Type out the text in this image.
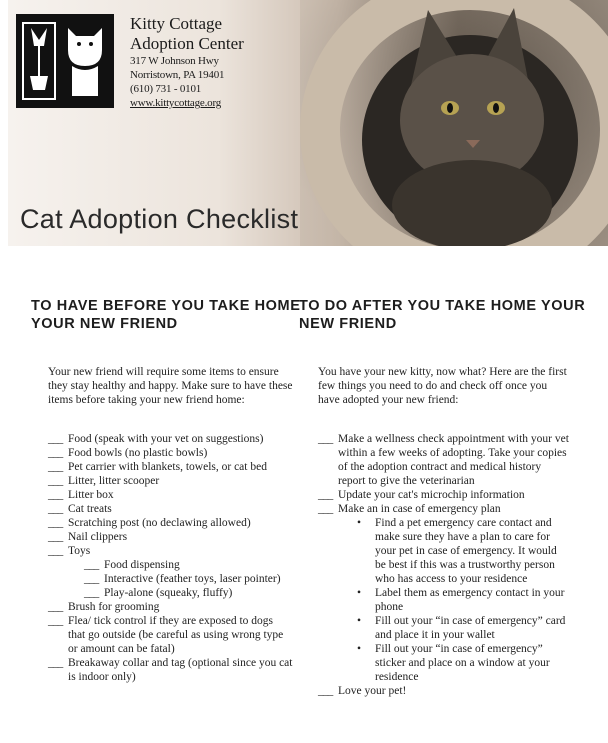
Kitty Cottage
Adoption Center
317 W Johnson Hwy
Norristown, PA 19401
(610) 731 - 0101
www.kittycottage.org
Cat Adoption Checklist
TO HAVE BEFORE YOU TAKE HOME YOUR NEW FRIEND

Your new friend will require some items to ensure they stay healthy and happy. Make sure to have these items before taking your new friend home:

___ Food (speak with your vet on suggestions)
___ Food bowls (no plastic bowls)
___ Pet carrier with blankets, towels, or cat bed
___ Litter, litter scooper
___ Litter box
___ Cat treats
___ Scratching post (no declawing allowed)
___ Nail clippers
___ Toys
___ Food dispensing
___ Interactive (feather toys, laser pointer)
___ Play-alone (squeaky, fluffy)
___ Brush for grooming
___ Flea/ tick control if they are exposed to dogs that go outside (be careful as using wrong type or amount can be fatal)
___ Breakaway collar and tag (optional since you cat is indoor only)
TO DO AFTER YOU TAKE HOME YOUR NEW FRIEND

You have your new kitty, now what? Here are the first few things you need to do and check off once you have adopted your new friend:

___ Make a wellness check appointment with your vet within a few weeks of adopting. Take your copies of the adoption contract and medical history report to give the veterinarian
___ Update your cat's microchip information
___ Make an in case of emergency plan
• Find a pet emergency care contact and make sure they have a plan to care for your pet in case of emergency. It would be best if this was a trustworthy person who has access to your residence
• Label them as emergency contact in your phone
• Fill out your “in case of emergency” card and place it in your wallet
• Fill out your “in case of emergency” sticker and place on a window at your residence
___ Love your pet!
